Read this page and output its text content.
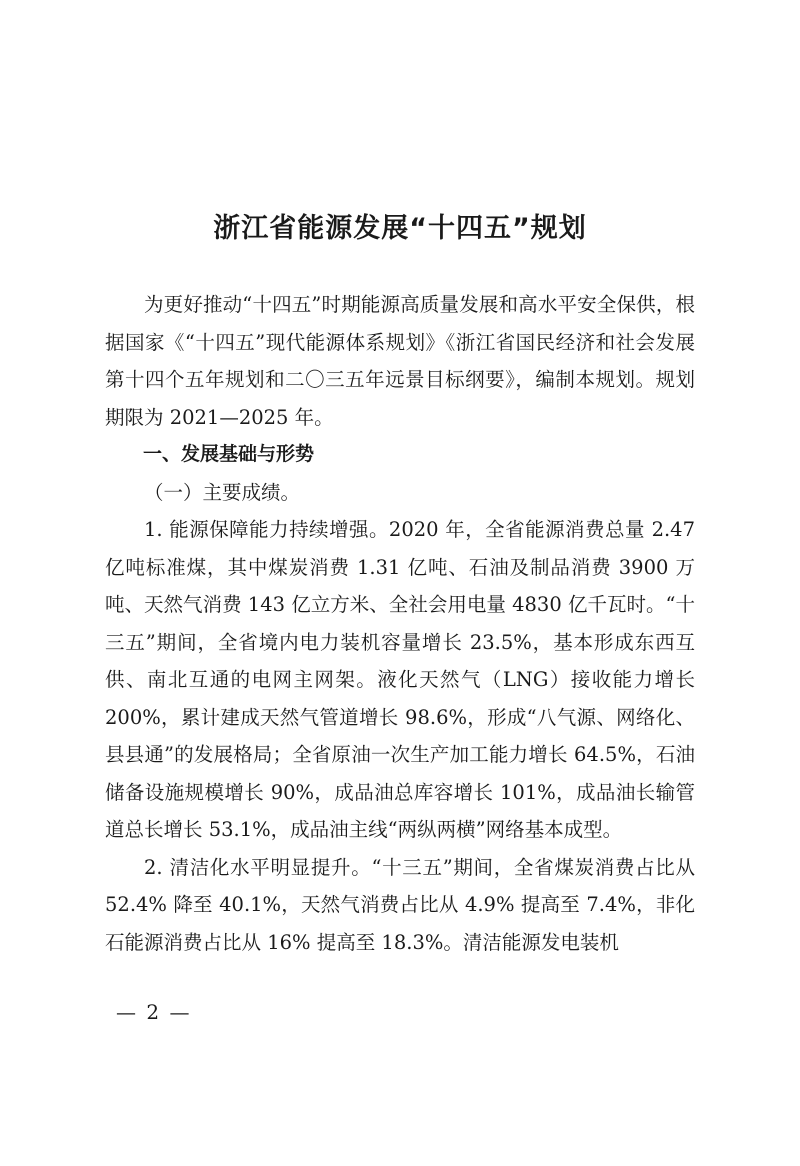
浙江省能源发展“十四五”规划

为更好推动“十四五”时期能源高质量发展和高水平安全保供，根据国家《“十四五”现代能源体系规划》《浙江省国民经济和社会发展第十四个五年规划和二〇三五年远景目标纲要》，编制本规划。规划期限为 2021—2025 年。

一、发展基础与形势

（一）主要成绩。

1. 能源保障能力持续增强。2020 年，全省能源消费总量 2.47 亿吨标准煤，其中煤炭消费 1.31 亿吨、石油及制品消费 3900 万吨、天然气消费 143 亿立方米、全社会用电量 4830 亿千瓦时。“十三五”期间，全省境内电力装机容量增长 23.5%，基本形成东西互供、南北互通的电网主网架。液化天然气（LNG）接收能力增长 200%，累计建成天然气管道增长 98.6%，形成“八气源、网络化、县县通”的发展格局；全省原油一次生产加工能力增长 64.5%，石油储备设施规模增长 90%，成品油总库容增长 101%，成品油长输管道总长增长 53.1%，成品油主线“两纵两横”网络基本成型。

2. 清洁化水平明显提升。“十三五”期间，全省煤炭消费占比从 52.4% 降至 40.1%，天然气消费占比从 4.9% 提高至 7.4%，非化石能源消费占比从 16% 提高至 18.3%。清洁能源发电装机

— 2 —
